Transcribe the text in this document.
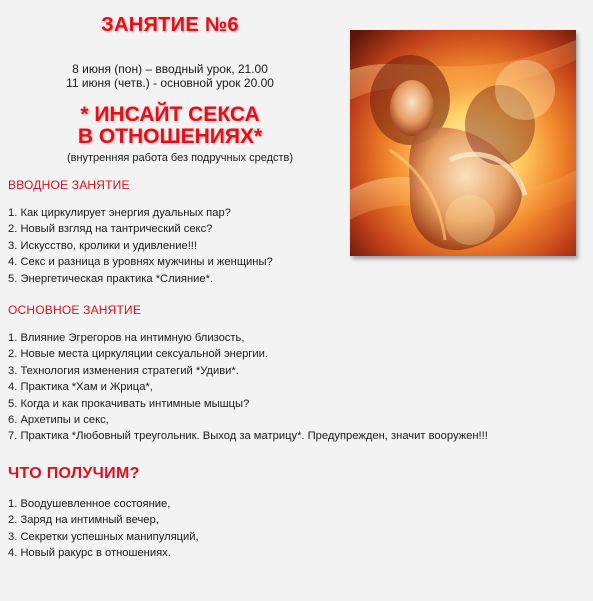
ЗАНЯТИЕ №6
8 июня (пон) – вводный урок, 21.00
11 июня (четв.) - основной урок 20.00
* ИНСАЙТ СЕКСА
В ОТНОШЕНИЯХ*
(внутренняя работа без подручных средств)
ВВОДНОЕ ЗАНЯТИЕ
1. Как циркулирует энергия дуальных пар?
2. Новый взгляд на тантрический секс?
3. Искусство, кролики и удивление!!!
4. Секс и разница в уровнях мужчины и женщины?
5. Энергетическая практика *Слияние*.
ОСНОВНОЕ ЗАНЯТИЕ
1. Влияние Эгрегоров на интимную близость,
2. Новые места циркуляции сексуальной энергии.
3. Технология изменения стратегий *Удиви*.
4. Практика *Хам и Жрица*,
5. Когда и как прокачивать интимные мышцы?
6. Архетипы и секс,
7. Практика *Любовный треугольник. Выход за матрицу*. Предупрежден, значит вооружен!!!
ЧТО ПОЛУЧИМ?
1. Воодушевленное состояние,
2. Заряд на интимный вечер,
3. Секретки успешных манипуляций,
4. Новый ракурс в отношениях.
